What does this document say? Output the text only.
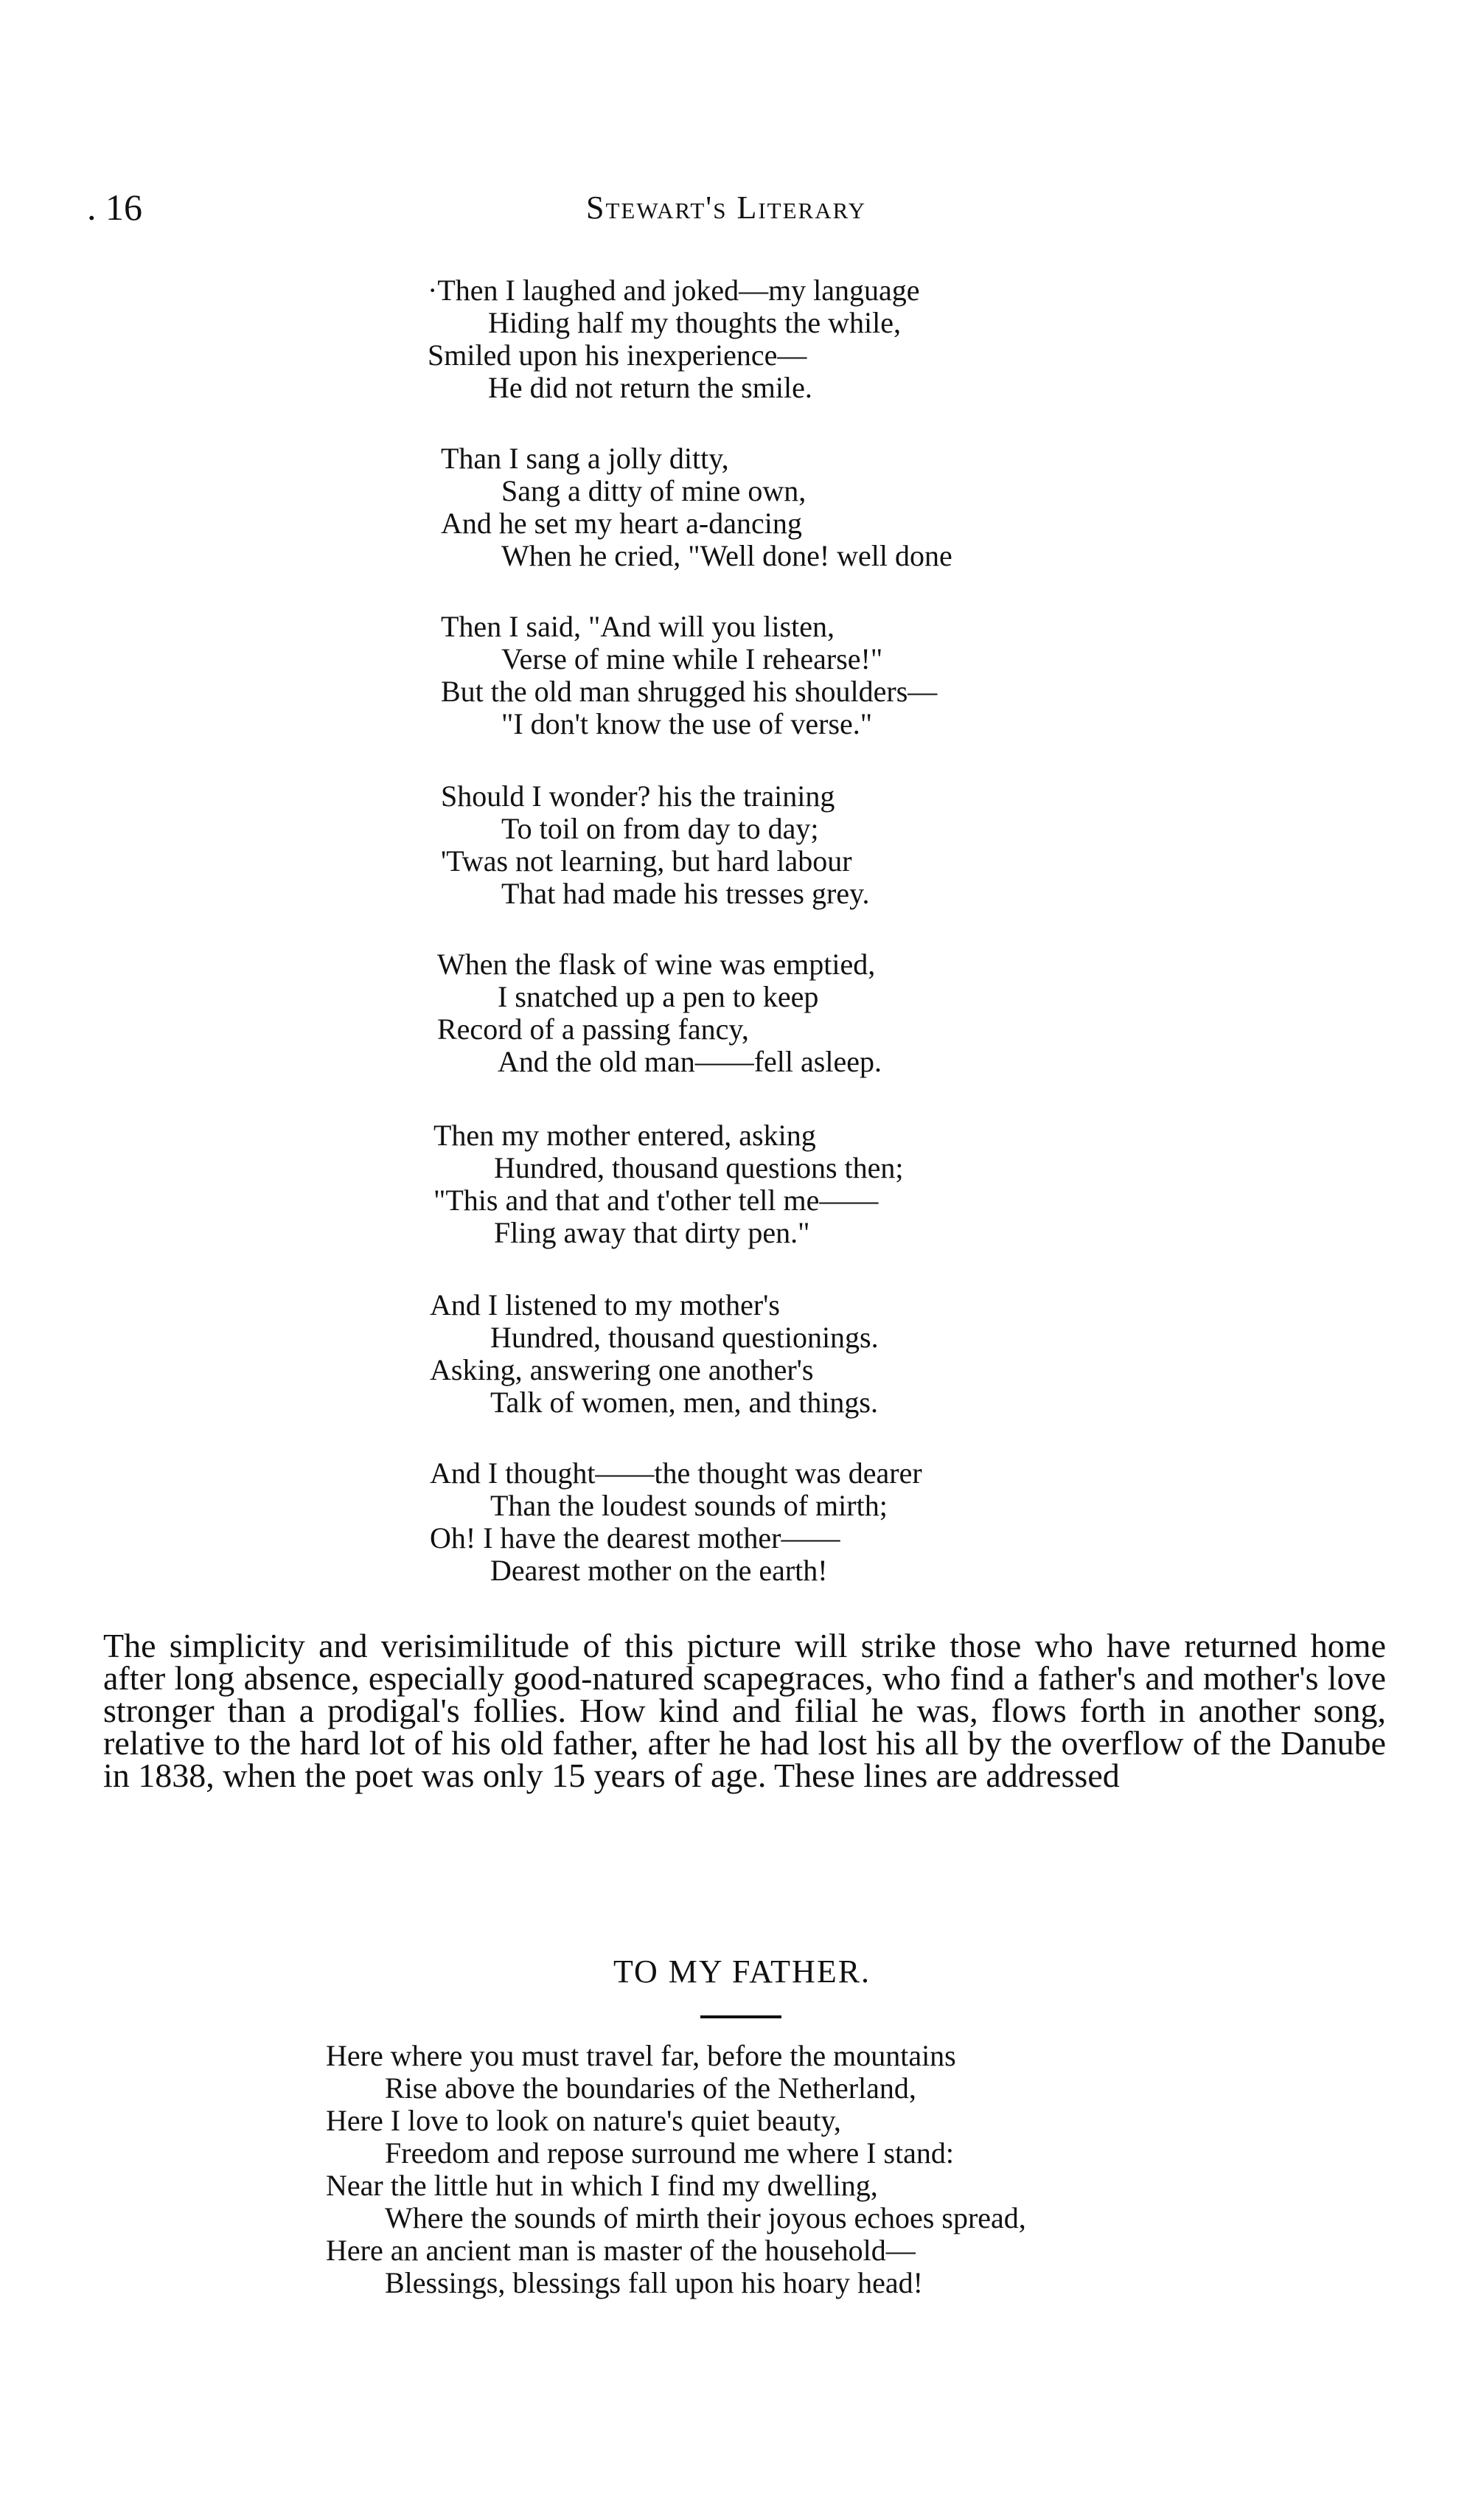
. 16	Stewart's Literary
·Then I laughed and joked—my language
Hiding half my thoughts the while,
Smiled upon his inexperience—
He did not return the smile.
Than I sang a jolly ditty,
Sang a ditty of mine own,
And he set my heart a-dancing
When he cried, "Well done! well done
Then I said, "And will you listen,
Verse of mine while I rehearse!"
But the old man shrugged his shoulders—
"I don't know the use of verse."
Should I wonder? his the training
To toil on from day to day;
'Twas not learning, but hard labour
That had made his tresses grey.
When the flask of wine was emptied,
I snatched up a pen to keep
Record of a passing fancy,
And the old man——fell asleep.
Then my mother entered, asking
Hundred, thousand questions then;
"This and that and t'other tell me——
Fling away that dirty pen."
And I listened to my mother's
Hundred, thousand questionings.
Asking, answering one another's
Talk of women, men, and things.
And I thought——the thought was dearer
Than the loudest sounds of mirth;
Oh! I have the dearest mother——
Dearest mother on the earth!

The simplicity and verisimilitude of this picture will strike those who have returned home after long absence, especially good-natured scapegraces, who find a father's and mother's love stronger than a prodigal's follies. How kind and filial he was, flows forth in another song, relative to the hard lot of his old father, after he had lost his all by the overflow of the Danube in 1838, when the poet was only 15 years of age. These lines are addressed

TO MY FATHER.
Here where you must travel far, before the mountains
Rise above the boundaries of the Netherland,
Here I love to look on nature's quiet beauty,
Freedom and repose surround me where I stand:
Near the little hut in which I find my dwelling,
Where the sounds of mirth their joyous echoes spread,
Here an ancient man is master of the household—
Blessings, blessings fall upon his hoary head!
